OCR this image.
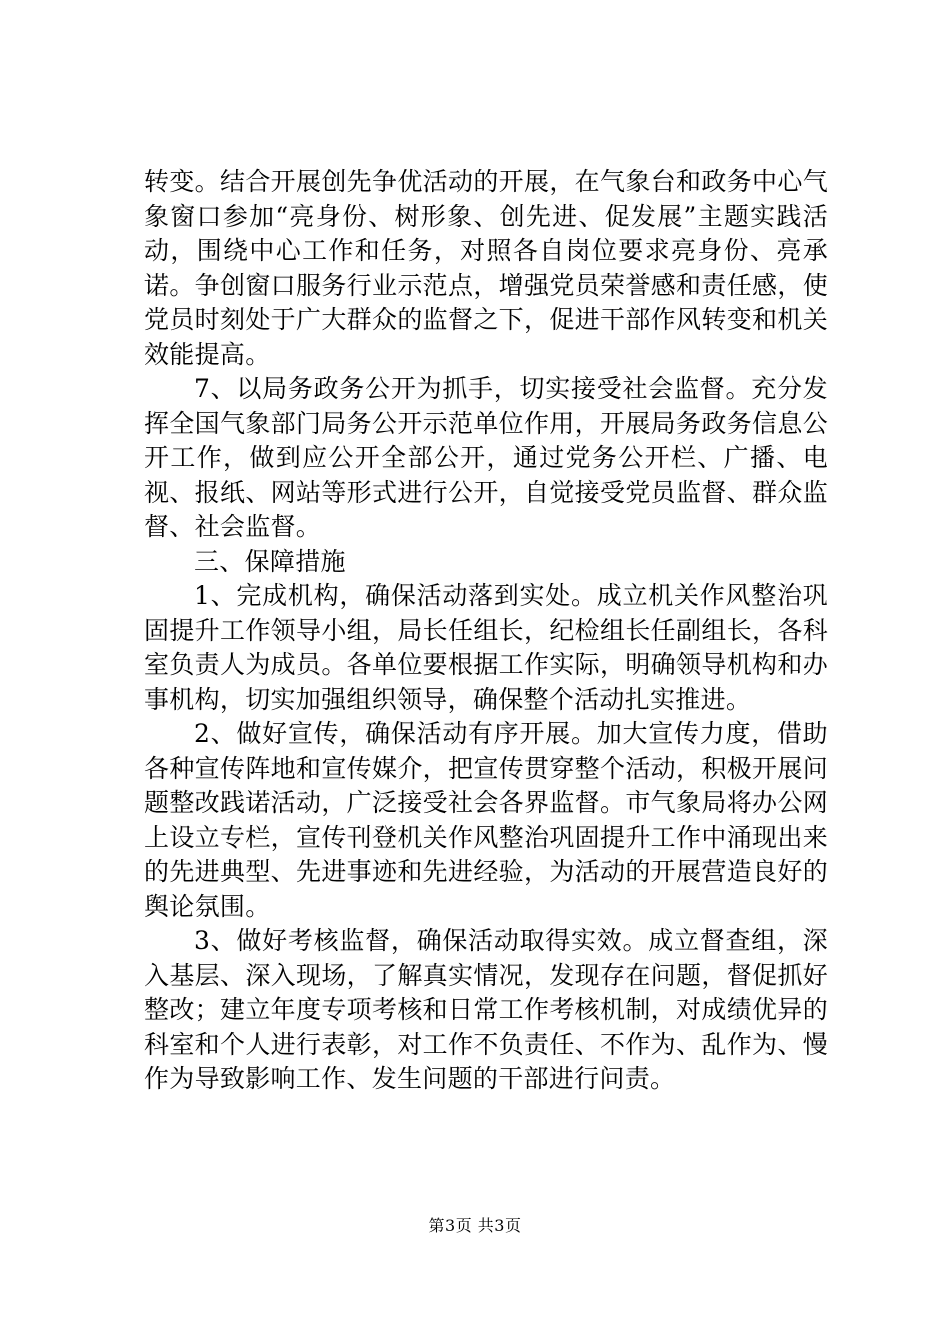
转变。结合开展创先争优活动的开展，在气象台和政务中心气象窗口参加“亮身份、树形象、创先进、促发展”主题实践活动，围绕中心工作和任务，对照各自岗位要求亮身份、亮承诺。争创窗口服务行业示范点，增强党员荣誉感和责任感，使党员时刻处于广大群众的监督之下，促进干部作风转变和机关效能提高。

7、以局务政务公开为抓手，切实接受社会监督。充分发挥全国气象部门局务公开示范单位作用，开展局务政务信息公开工作，做到应公开全部公开，通过党务公开栏、广播、电视、报纸、网站等形式进行公开，自觉接受党员监督、群众监督、社会监督。

三、保障措施

1、完成机构，确保活动落到实处。成立机关作风整治巩固提升工作领导小组，局长任组长，纪检组长任副组长，各科室负责人为成员。各单位要根据工作实际，明确领导机构和办事机构，切实加强组织领导，确保整个活动扎实推进。

2、做好宣传，确保活动有序开展。加大宣传力度，借助各种宣传阵地和宣传媒介，把宣传贯穿整个活动，积极开展问题整改践诺活动，广泛接受社会各界监督。市气象局将办公网上设立专栏，宣传刊登机关作风整治巩固提升工作中涌现出来的先进典型、先进事迹和先进经验，为活动的开展营造良好的舆论氛围。

3、做好考核监督，确保活动取得实效。成立督查组，深入基层、深入现场，了解真实情况，发现存在问题，督促抓好整改；建立年度专项考核和日常工作考核机制，对成绩优异的科室和个人进行表彰，对工作不负责任、不作为、乱作为、慢作为导致影响工作、发生问题的干部进行问责。

第3页 共3页
